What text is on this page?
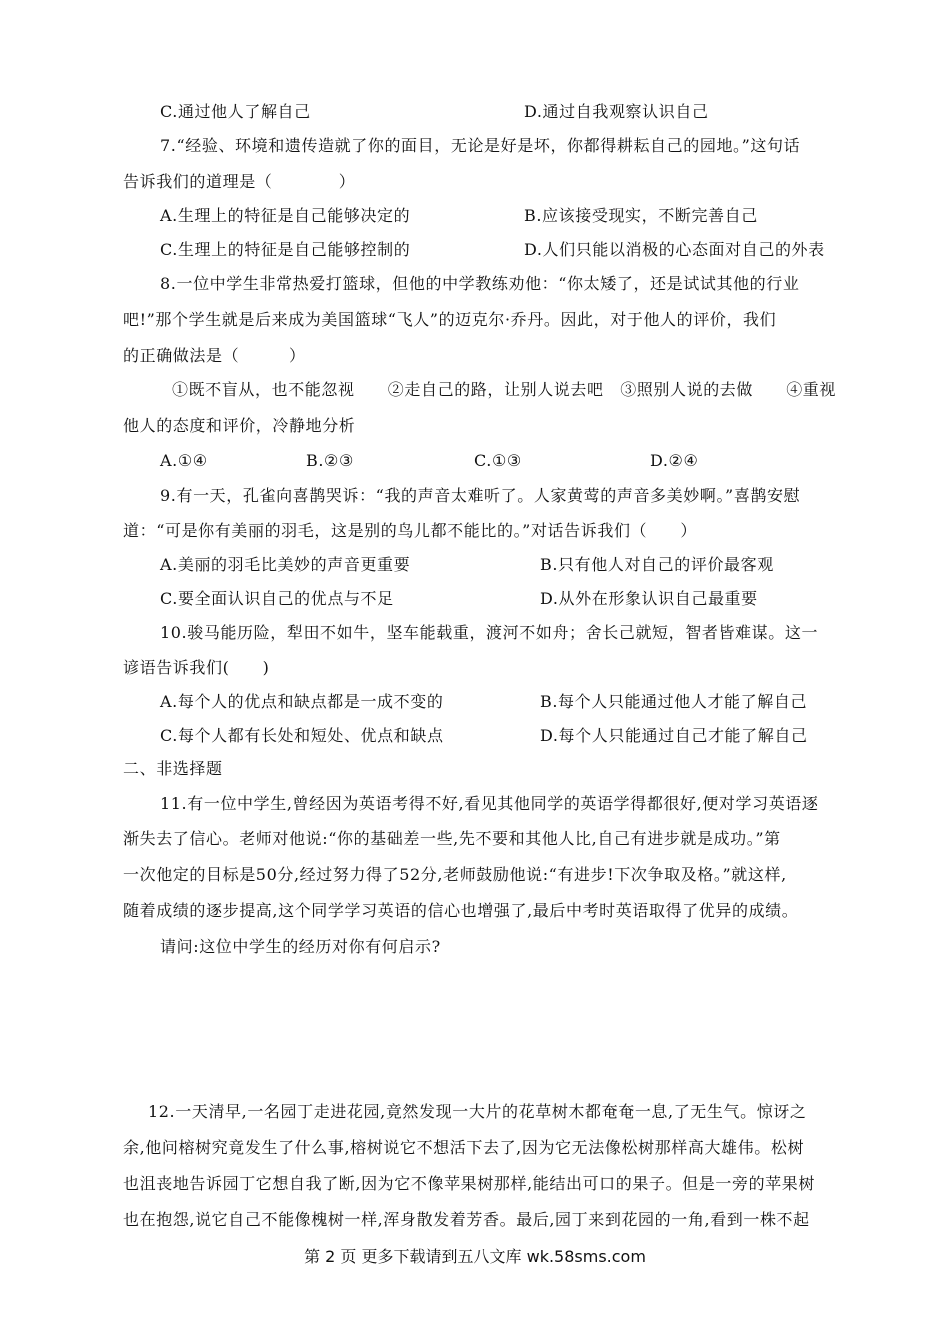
C.通过他人了解自己	D.通过自我观察认识自己
7.“经验、环境和遗传造就了你的面目，无论是好是坏，你都得耕耘自己的园地。”这句话
告诉我们的道理是（　　　　）
A.生理上的特征是自己能够决定的	B.应该接受现实，不断完善自己
C.生理上的特征是自己能够控制的	D.人们只能以消极的心态面对自己的外表
8.一位中学生非常热爱打篮球，但他的中学教练劝他：“你太矮了，还是试试其他的行业
吧!”那个学生就是后来成为美国篮球“飞人”的迈克尔·乔丹。因此，对于他人的评价，我们
的正确做法是（　　　）
①既不盲从，也不能忽视　　②走自己的路，让别人说去吧　③照别人说的去做　　④重视
他人的态度和评价，冷静地分析
A.①④	B.②③	C.①③	D.②④
9.有一天，孔雀向喜鹊哭诉：“我的声音太难听了。人家黄莺的声音多美妙啊。”喜鹊安慰
道：“可是你有美丽的羽毛，这是别的鸟儿都不能比的。”对话告诉我们（　　）
A.美丽的羽毛比美妙的声音更重要	B.只有他人对自己的评价最客观
C.要全面认识自己的优点与不足	D.从外在形象认识自己最重要
10.骏马能历险，犁田不如牛，坚车能载重，渡河不如舟；舍长己就短，智者皆难谋。这一
谚语告诉我们(　　)
A.每个人的优点和缺点都是一成不变的	B.每个人只能通过他人才能了解自己
C.每个人都有长处和短处、优点和缺点	D.每个人只能通过自己才能了解自己
二、非选择题
11.有一位中学生,曾经因为英语考得不好,看见其他同学的英语学得都很好,便对学习英语逐
渐失去了信心。老师对他说:“你的基础差一些,先不要和其他人比,自己有进步就是成功。”第
一次他定的目标是50分,经过努力得了52分,老师鼓励他说:“有进步!下次争取及格。”就这样,
随着成绩的逐步提高,这个同学学习英语的信心也增强了,最后中考时英语取得了优异的成绩。
请问:这位中学生的经历对你有何启示?
12.一天清早,一名园丁走进花园,竟然发现一大片的花草树木都奄奄一息,了无生气。惊讶之
余,他问榕树究竟发生了什么事,榕树说它不想活下去了,因为它无法像松树那样高大雄伟。松树
也沮丧地告诉园丁它想自我了断,因为它不像苹果树那样,能结出可口的果子。但是一旁的苹果树
也在抱怨,说它自己不能像槐树一样,浑身散发着芳香。最后,园丁来到花园的一角,看到一株不起
第 2 页 更多下载请到五八文库 wk.58sms.com
